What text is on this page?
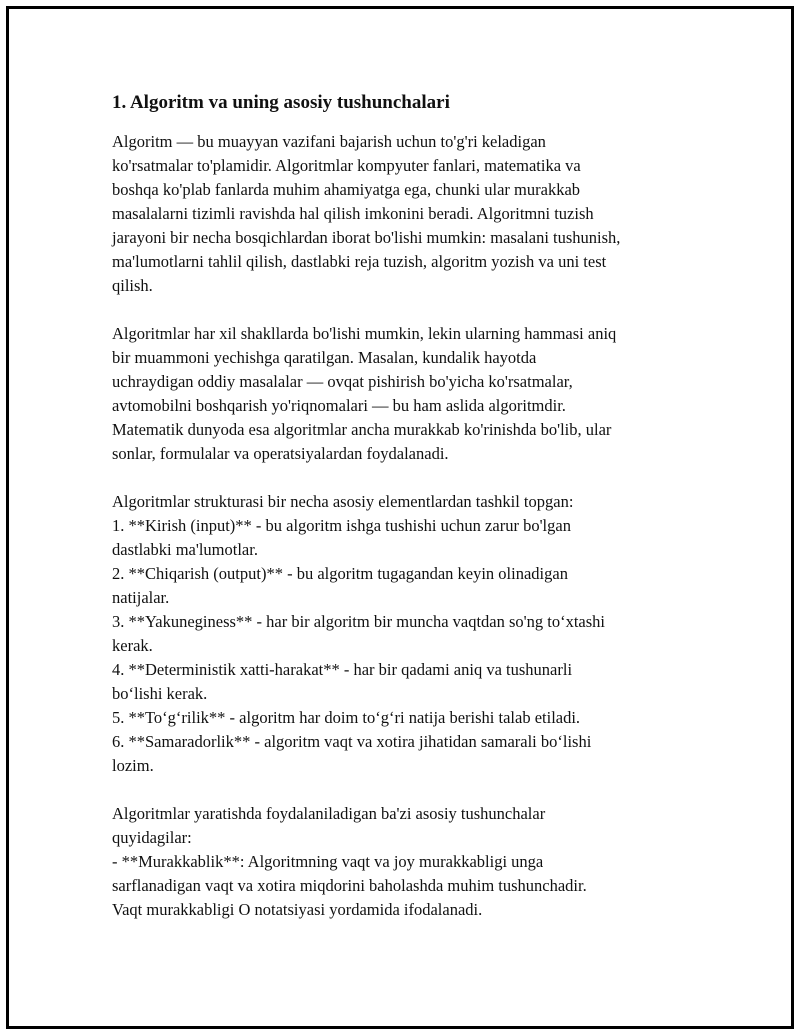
1. Algoritm va uning asosiy tushunchalari

Algoritm — bu muayyan vazifani bajarish uchun to'g'ri keladigan
ko'rsatmalar to'plamidir. Algoritmlar kompyuter fanlari, matematika va
boshqa ko'plab fanlarda muhim ahamiyatga ega, chunki ular murakkab
masalalarni tizimli ravishda hal qilish imkonini beradi. Algoritmni tuzish
jarayoni bir necha bosqichlardan iborat bo'lishi mumkin: masalani tushunish,
ma'lumotlarni tahlil qilish, dastlabki reja tuzish, algoritm yozish va uni test
qilish.

Algoritmlar har xil shakllarda bo'lishi mumkin, lekin ularning hammasi aniq
bir muammoni yechishga qaratilgan. Masalan, kundalik hayotda
uchraydigan oddiy masalalar — ovqat pishirish bo'yicha ko'rsatmalar,
avtomobilni boshqarish yo'riqnomalari — bu ham aslida algoritmdir.
Matematik dunyoda esa algoritmlar ancha murakkab ko'rinishda bo'lib, ular
sonlar, formulalar va operatsiyalardan foydalanadi.

Algoritmlar strukturasi bir necha asosiy elementlardan tashkil topgan:
1. **Kirish (input)** - bu algoritm ishga tushishi uchun zarur bo'lgan
dastlabki ma'lumotlar.
2. **Chiqarish (output)** - bu algoritm tugagandan keyin olinadigan
natijalar.
3. **Yakuneginess** - har bir algoritm bir muncha vaqtdan so'ng to‘xtashi
kerak.
4. **Deterministik xatti-harakat** - har bir qadami aniq va tushunarli
bo‘lishi kerak.
5. **To‘g‘rilik** - algoritm har doim to‘g‘ri natija berishi talab etiladi.
6. **Samaradorlik** - algoritm vaqt va xotira jihatidan samarali bo‘lishi
lozim.

Algoritmlar yaratishda foydalaniladigan ba'zi asosiy tushunchalar
quyidagilar:
- **Murakkablik**: Algoritmning vaqt va joy murakkabligi unga
sarflanadigan vaqt va xotira miqdorini baholashda muhim tushunchadir.
Vaqt murakkabligi O notatsiyasi yordamida ifodalanadi.
